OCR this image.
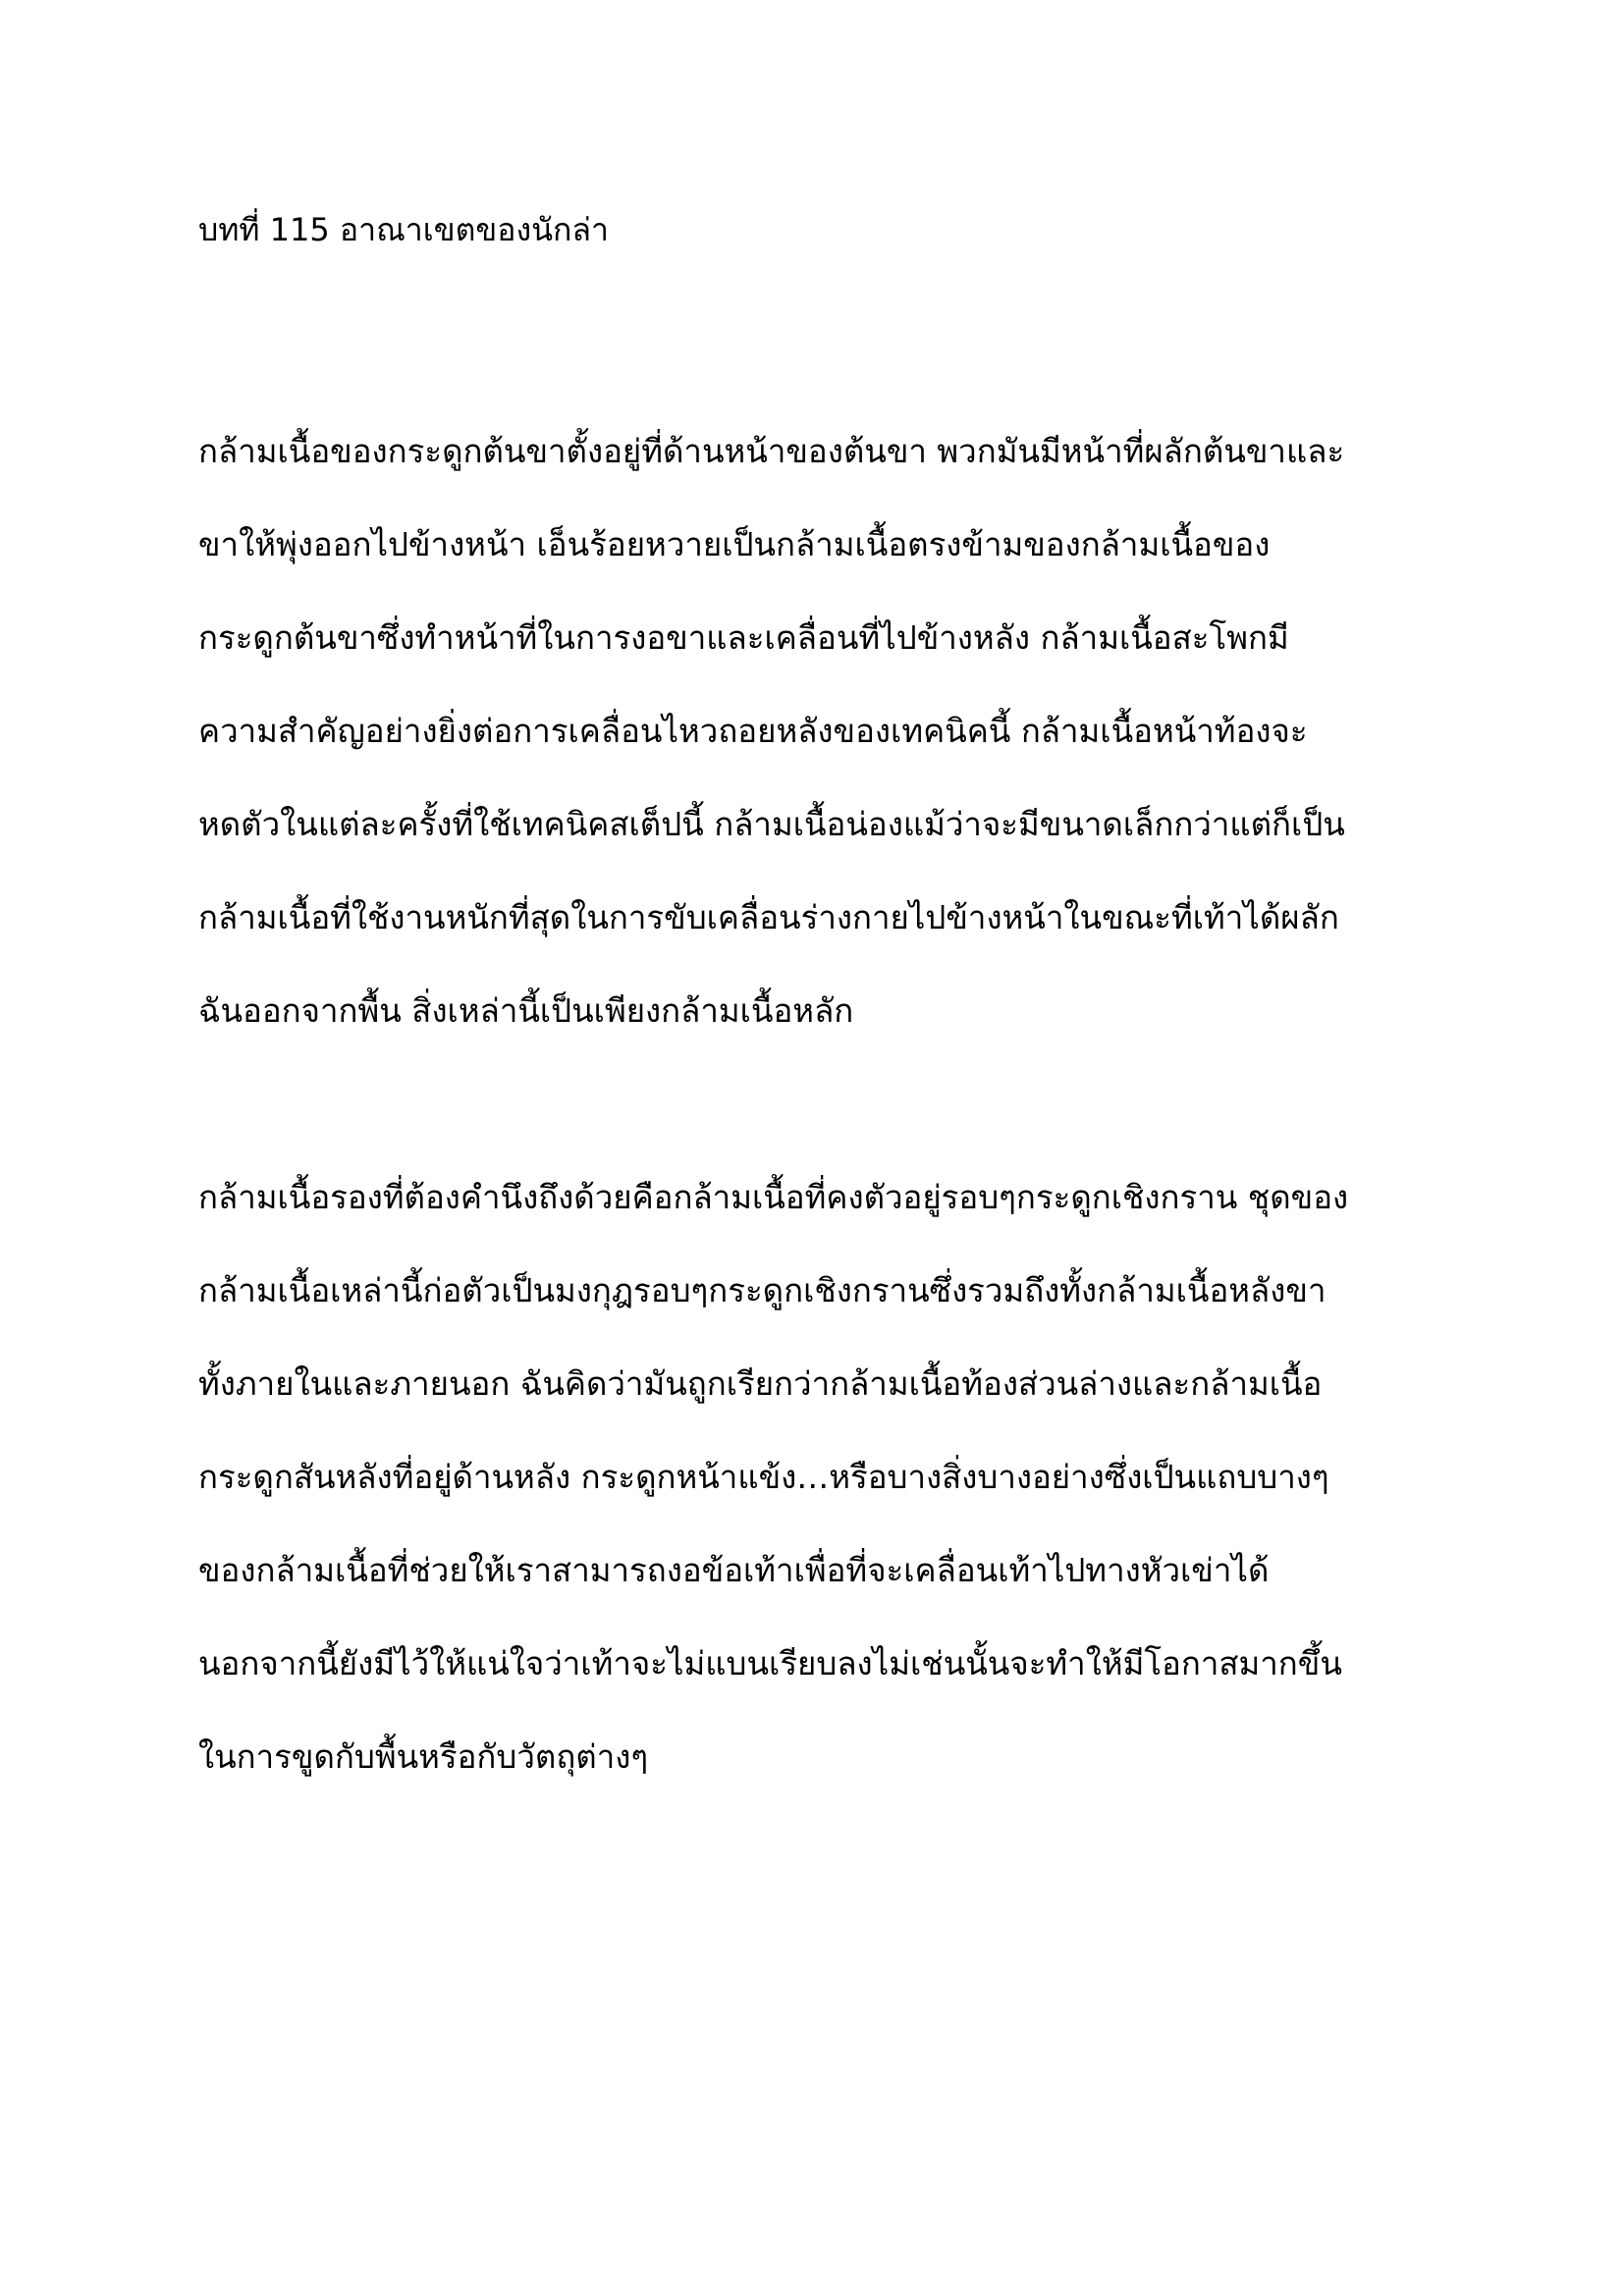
บทที่ 115 อาณาเขตของนักล่า
กล้ามเนื้อของกระดูกต้นขาตั้งอยู่ที่ด้านหน้าของต้นขา พวกมันมีหน้าที่ผลักต้นขาและ
ขาให้พุ่งออกไปข้างหน้า เอ็นร้อยหวายเป็นกล้ามเนื้อตรงข้ามของกล้ามเนื้อของ
กระดูกต้นขาซึ่งทำหน้าที่ในการงอขาและเคลื่อนที่ไปข้างหลัง กล้ามเนื้อสะโพกมี
ความสำคัญอย่างยิ่งต่อการเคลื่อนไหวถอยหลังของเทคนิคนี้ กล้ามเนื้อหน้าท้องจะ
หดตัวในแต่ละครั้งที่ใช้เทคนิคสเต็ปนี้ กล้ามเนื้อน่องแม้ว่าจะมีขนาดเล็กกว่าแต่ก็เป็น
กล้ามเนื้อที่ใช้งานหนักที่สุดในการขับเคลื่อนร่างกายไปข้างหน้าในขณะที่เท้าได้ผลัก
ฉันออกจากพื้น สิ่งเหล่านี้เป็นเพียงกล้ามเนื้อหลัก
กล้ามเนื้อรองที่ต้องคำนึงถึงด้วยคือกล้ามเนื้อที่คงตัวอยู่รอบๆกระดูกเชิงกราน ชุดของ
กล้ามเนื้อเหล่านี้ก่อตัวเป็นมงกุฎรอบๆกระดูกเชิงกรานซึ่งรวมถึงทั้งกล้ามเนื้อหลังขา
ทั้งภายในและภายนอก ฉันคิดว่ามันถูกเรียกว่ากล้ามเนื้อท้องส่วนล่างและกล้ามเนื้อ
กระดูกสันหลังที่อยู่ด้านหลัง กระดูกหน้าแข้ง…หรือบางสิ่งบางอย่างซึ่งเป็นแถบบางๆ
ของกล้ามเนื้อที่ช่วยให้เราสามารถงอข้อเท้าเพื่อที่จะเคลื่อนเท้าไปทางหัวเข่าได้
นอกจากนี้ยังมีไว้ให้แน่ใจว่าเท้าจะไม่แบนเรียบลงไม่เช่นนั้นจะทำให้มีโอกาสมากขึ้น
ในการขูดกับพื้นหรือกับวัตถุต่างๆ
